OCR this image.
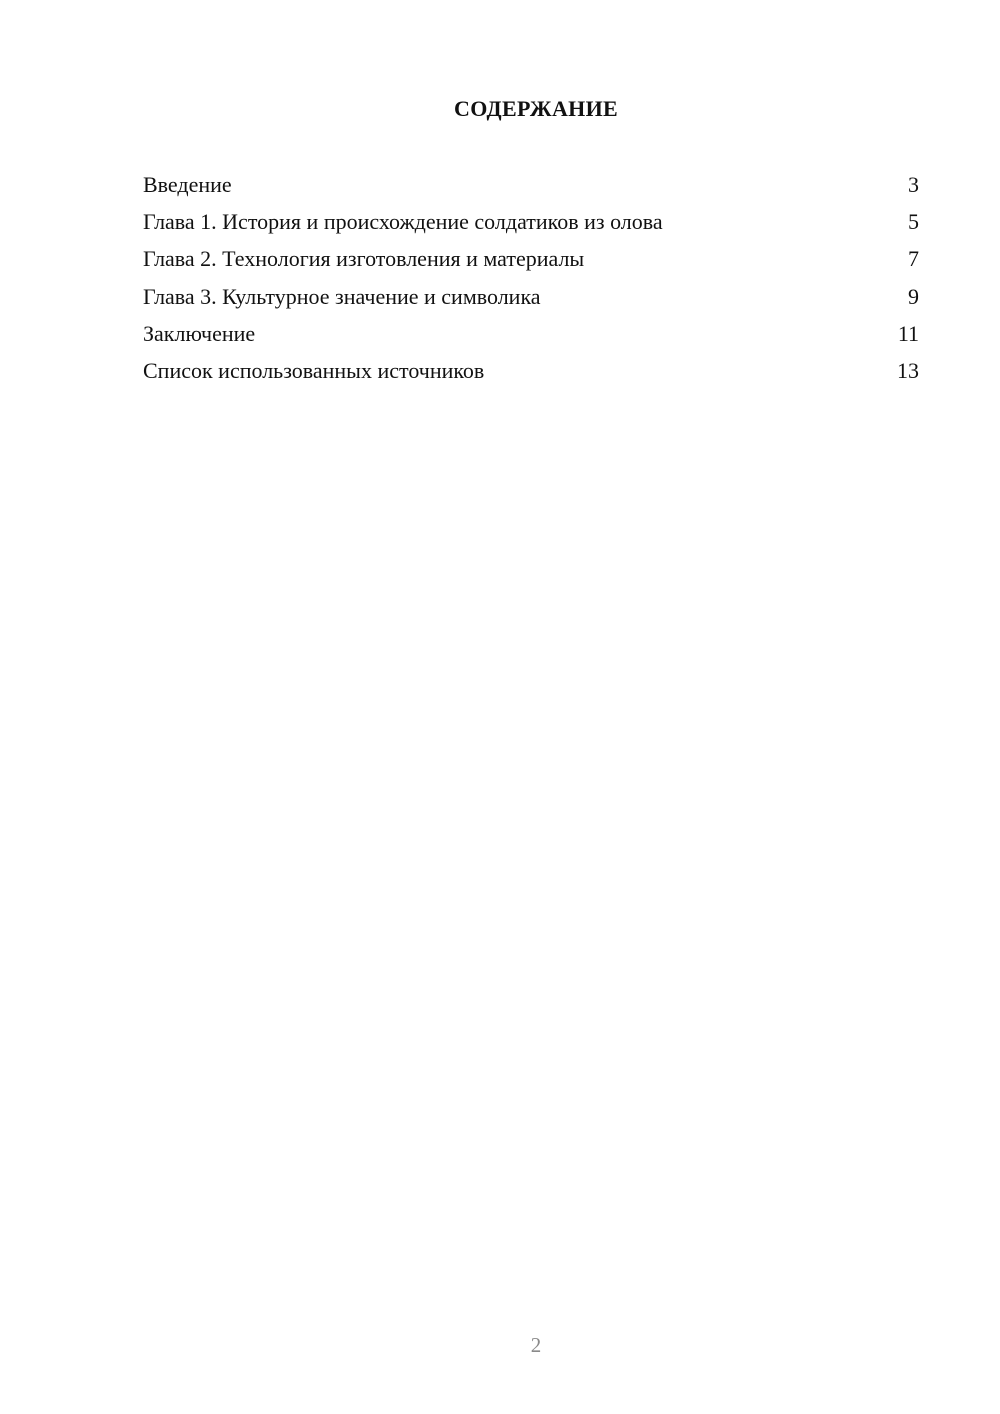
СОДЕРЖАНИЕ
Введение	3
Глава 1. История и происхождение солдатиков из олова	5
Глава 2. Технология изготовления и материалы	7
Глава 3. Культурное значение и символика	9
Заключение	11
Список использованных источников	13
2
